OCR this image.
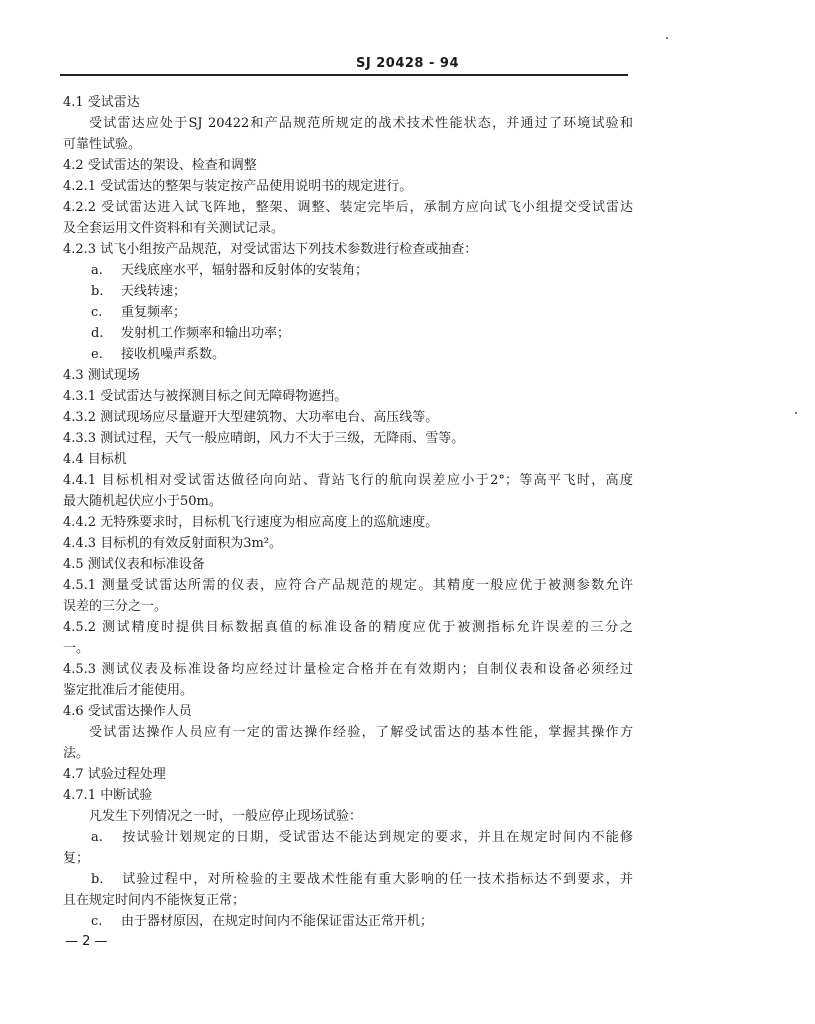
SJ 20428 - 94
4.1 受试雷达
受试雷达应处于SJ 20422和产品规范所规定的战术技术性能状态，并通过了环境试验和
可靠性试验。
4.2 受试雷达的架设、检查和调整
4.2.1 受试雷达的整架与装定按产品使用说明书的规定进行。
4.2.2 受试雷达进入试飞阵地，整架、调整、装定完毕后，承制方应向试飞小组提交受试雷达
及全套运用文件资料和有关测试记录。
4.2.3 试飞小组按产品规范，对受试雷达下列技术参数进行检查或抽查：
a. 天线底座水平，辐射器和反射体的安装角；
b. 天线转速；
c. 重复频率；
d. 发射机工作频率和输出功率；
e. 接收机噪声系数。
4.3 测试现场
4.3.1 受试雷达与被探测目标之间无障碍物遮挡。
4.3.2 测试现场应尽量避开大型建筑物、大功率电台、高压线等。
4.3.3 测试过程，天气一般应晴朗，风力不大于三级，无降雨、雪等。
4.4 目标机
4.4.1 目标机相对受试雷达做径向向站、背站飞行的航向误差应小于2°；等高平飞时，高度
最大随机起伏应小于50m。
4.4.2 无特殊要求时，目标机飞行速度为相应高度上的巡航速度。
4.4.3 目标机的有效反射面积为3m²。
4.5 测试仪表和标准设备
4.5.1 测量受试雷达所需的仪表，应符合产品规范的规定。其精度一般应优于被测参数允许
误差的三分之一。
4.5.2 测试精度时提供目标数据真值的标准设备的精度应优于被测指标允许误差的三分之
一。
4.5.3 测试仪表及标准设备均应经过计量检定合格并在有效期内；自制仪表和设备必须经过
鉴定批准后才能使用。
4.6 受试雷达操作人员
受试雷达操作人员应有一定的雷达操作经验，了解受试雷达的基本性能，掌握其操作方
法。
4.7 试验过程处理
4.7.1 中断试验
凡发生下列情况之一时，一般应停止现场试验：
a. 按试验计划规定的日期，受试雷达不能达到规定的要求，并且在规定时间内不能修
复；
b. 试验过程中，对所检验的主要战术性能有重大影响的任一技术指标达不到要求，并
且在规定时间内不能恢复正常；
c. 由于器材原因，在规定时间内不能保证雷达正常开机；
— 2 —
